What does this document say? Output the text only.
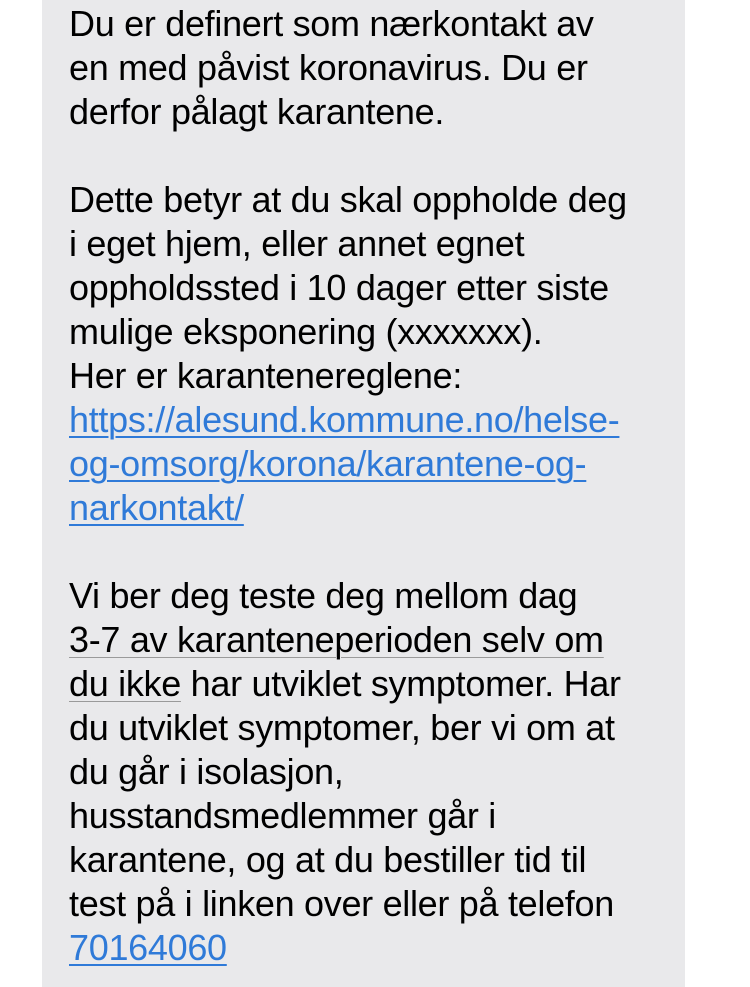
Du er definert som nærkontakt av
en med påvist koronavirus. Du er
derfor pålagt karantene.

Dette betyr at du skal oppholde deg
i eget hjem, eller annet egnet
oppholdssted i 10 dager etter siste
mulige eksponering (xxxxxxx).
Her er karantenereglene:

https://alesund.kommune.no/helse-
og-omsorg/korona/karantene-og-
narkontakt/
Vi ber deg teste deg mellom dag
3-7 av karanteneperioden selv om
du ikke har utviklet symptomer. Har

du utviklet symptomer, ber vi om at
du går i isolasjon,
husstandsmedlemmer går i
karantene, og at du bestiller tid til
test på i linken over eller på telefon

70164060
